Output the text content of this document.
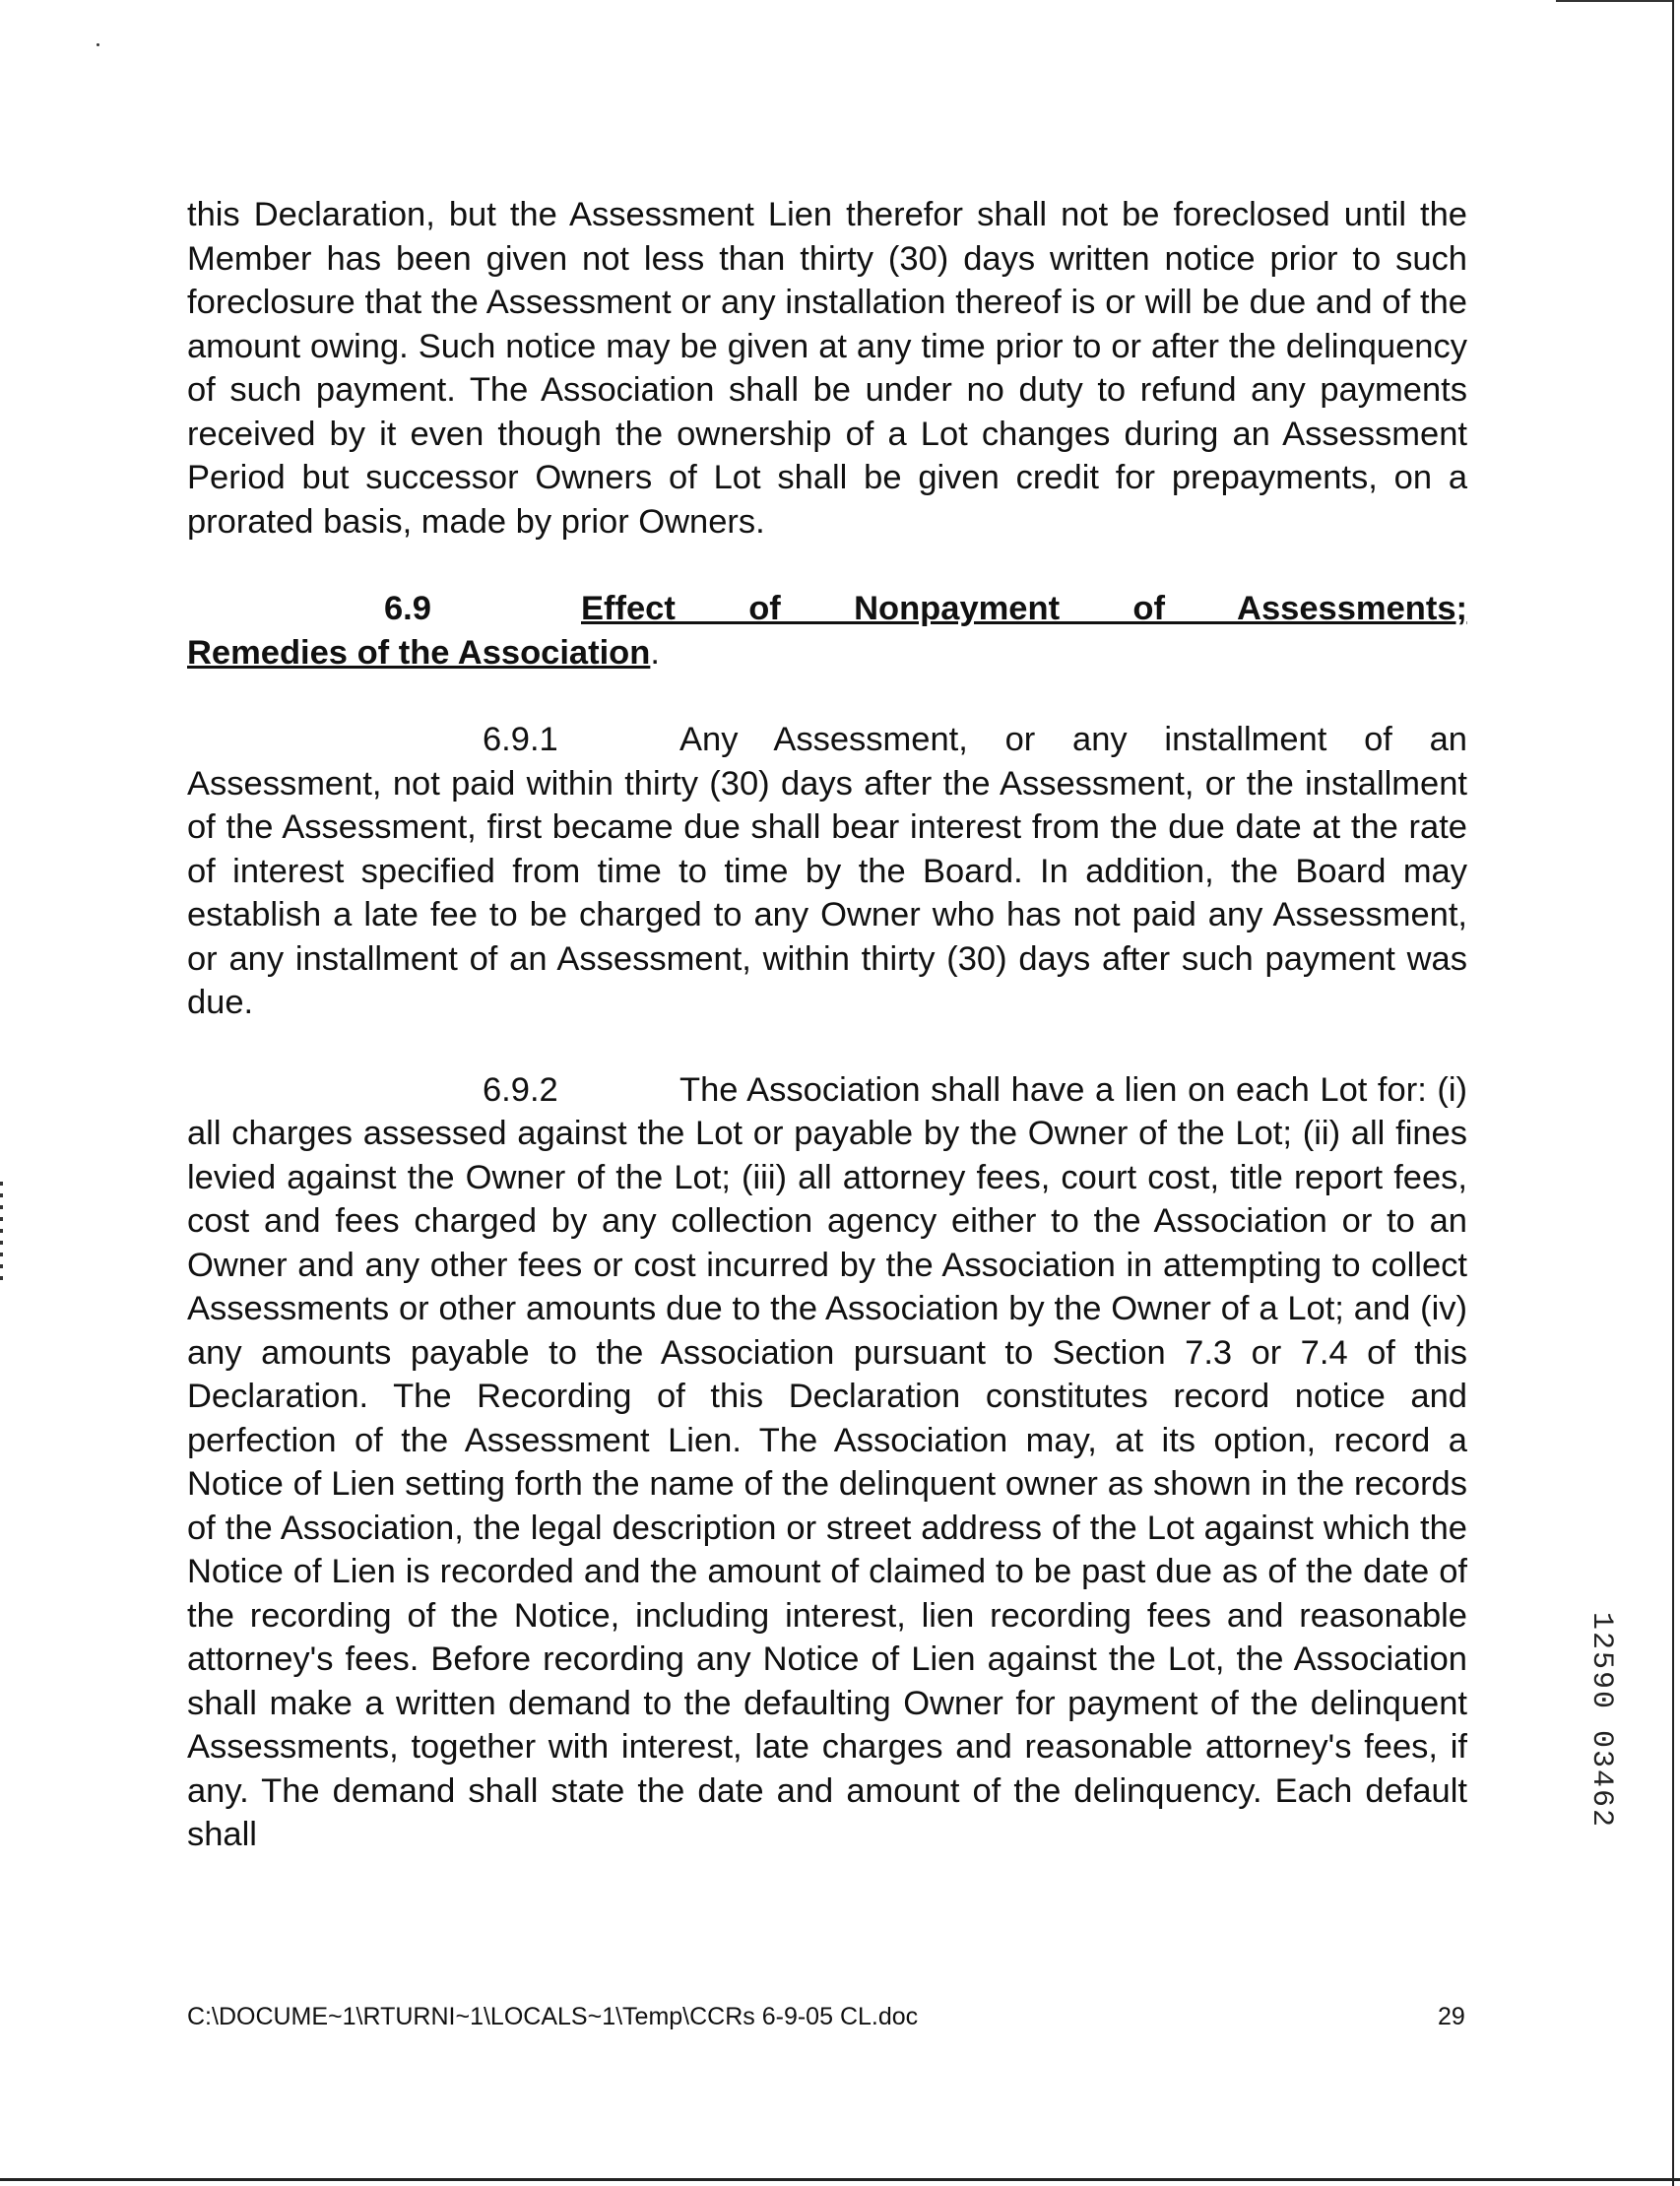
this Declaration, but the Assessment Lien therefor shall not be foreclosed until the Member has been given not less than thirty (30) days written notice prior to such foreclosure that the Assessment or any installation thereof is or will be due and of the amount owing. Such notice may be given at any time prior to or after the delinquency of such payment. The Association shall be under no duty to refund any payments received by it even though the ownership of a Lot changes during an Assessment Period but successor Owners of Lot shall be given credit for prepayments, on a prorated basis, made by prior Owners.

6.9	Effect of Nonpayment of Assessments;
Remedies of the Association.

6.9.1	Any Assessment, or any installment of an Assessment, not paid within thirty (30) days after the Assessment, or the installment of the Assessment, first became due shall bear interest from the due date at the rate of interest specified from time to time by the Board. In addition, the Board may establish a late fee to be charged to any Owner who has not paid any Assessment, or any installment of an Assessment, within thirty (30) days after such payment was due.

6.9.2	The Association shall have a lien on each Lot for: (i) all charges assessed against the Lot or payable by the Owner of the Lot; (ii) all fines levied against the Owner of the Lot; (iii) all attorney fees, court cost, title report fees, cost and fees charged by any collection agency either to the Association or to an Owner and any other fees or cost incurred by the Association in attempting to collect Assessments or other amounts due to the Association by the Owner of a Lot; and (iv) any amounts payable to the Association pursuant to Section 7.3 or 7.4 of this Declaration. The Recording of this Declaration constitutes record notice and perfection of the Assessment Lien. The Association may, at its option, record a Notice of Lien setting forth the name of the delinquent owner as shown in the records of the Association, the legal description or street address of the Lot against which the Notice of Lien is recorded and the amount of claimed to be past due as of the date of the recording of the Notice, including interest, lien recording fees and reasonable attorney's fees. Before recording any Notice of Lien against the Lot, the Association shall make a written demand to the defaulting Owner for payment of the delinquent Assessments, together with interest, late charges and reasonable attorney's fees, if any. The demand shall state the date and amount of the delinquency. Each default shall

12590 03462
C:\DOCUME~1\RTURNI~1\LOCALS~1\Temp\CCRs 6-9-05 CL.doc	29
